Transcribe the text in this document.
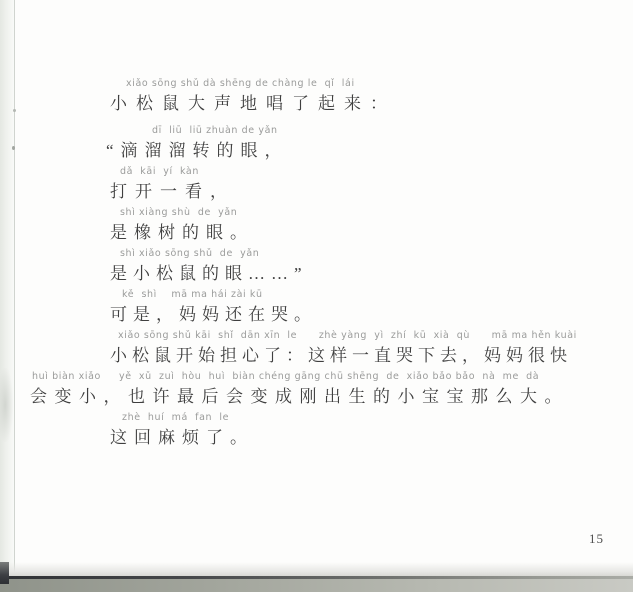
xiǎo sōng shǔ dà shēng de chàng le  qǐ  lái
小松鼠大声地唱了起来：
dī  liū  liū zhuàn de yǎn
“滴溜溜转的眼，
dǎ  kāi  yí  kàn
打开一看，
shì xiàng shù  de  yǎn
是橡树的眼。
shì xiǎo sōng shǔ  de  yǎn
是小松鼠的眼……”
kě  shì    mā ma hái zài kū
可是，妈妈还在哭。
xiǎo sōng shǔ kāi  shǐ  dān xīn  le      zhè yàng  yì  zhí  kū  xià  qù      mā ma hěn kuài
小松鼠开始担心了：这样一直哭下去，妈妈很快
huì biàn xiǎo     yě  xǔ  zuì  hòu  huì  biàn chéng gāng chū shēng  de  xiǎo bǎo bǎo  nà  me  dà
会变小，也许最后会变成刚出生的小宝宝那么大。
zhè  huí  má  fan  le
这回麻烦了。
15
